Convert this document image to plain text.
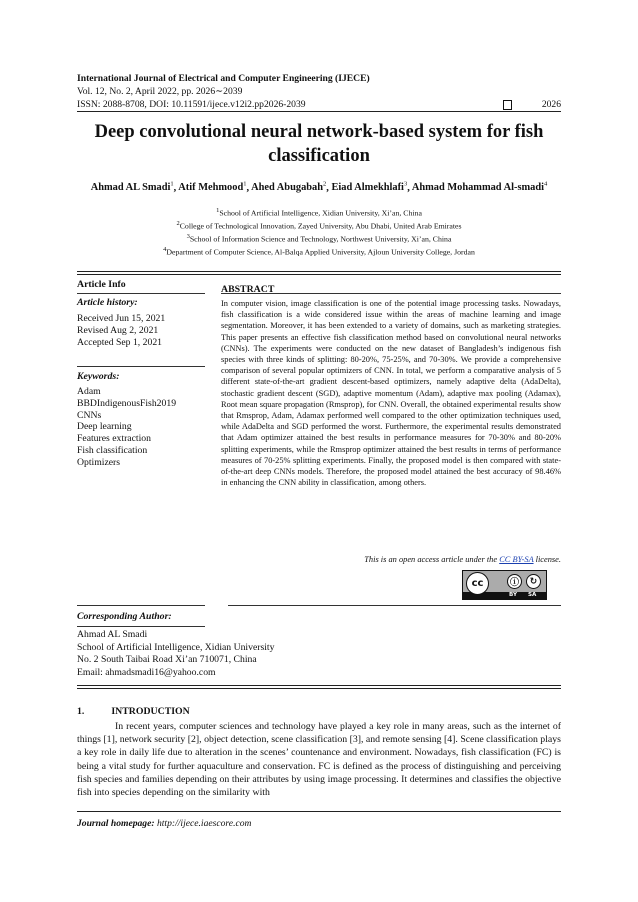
International Journal of Electrical and Computer Engineering (IJECE)
Vol. 12, No. 2, April 2022, pp. 2026∼2039
ISSN: 2088-8708, DOI: 10.11591/ijece.v12i2.pp2026-2039	2026
Deep convolutional neural network-based system for fish classification
Ahmad AL Smadi$^1$, Atif Mehmood$^1$, Ahed Abugabah$^2$, Eiad Almekhlafi$^3$, Ahmad Mohammad Al-smadi$^4$
$^1$School of Artificial Intelligence, Xidian University, Xi’an, China
$^2$College of Technological Innovation, Zayed University, Abu Dhabi, United Arab Emirates
$^3$School of Information Science and Technology, Northwest University, Xi’an, China
$^4$Department of Computer Science, Al-Balqa Applied University, Ajloun University College, Jordan
Article Info
Article history:
Received Jun 15, 2021
Revised Aug 2, 2021
Accepted Sep 1, 2021
Keywords:
Adam
BBDIndigenousFish2019
CNNs
Deep learning
Features extraction
Fish classification
Optimizers
ABSTRACT
In computer vision, image classification is one of the potential image processing tasks. Nowadays, fish classification is a wide considered issue within the areas of machine learning and image segmentation. Moreover, it has been extended to a variety of domains, such as marketing strategies. This paper presents an effective fish classification method based on convolutional neural networks (CNNs). The experiments were conducted on the new dataset of Bangladesh’s indigenous fish species with three kinds of splitting: 80-20%, 75-25%, and 70-30%. We provide a comprehensive comparison of several popular optimizers of CNN. In total, we perform a comparative analysis of 5 different state-of-the-art gradient descent-based optimizers, namely adaptive delta (AdaDelta), stochastic gradient descent (SGD), adaptive momentum (Adam), adaptive max pooling (Adamax), Root mean square propagation (Rmsprop), for CNN. Overall, the obtained experimental results show that Rmsprop, Adam, Adamax performed well compared to the other optimization techniques used, while AdaDelta and SGD performed the worst. Furthermore, the experimental results demonstrated that Adam optimizer attained the best results in performance measures for 70-30% and 80-20% splitting experiments, while the Rmsprop optimizer attained the best results in terms of performance measures of 70-25% splitting experiments. Finally, the proposed model is then compared with state-of-the-art deep CNNs models. Therefore, the proposed model attained the best accuracy of 98.46% in enhancing the CNN ability in classification, among others.
This is an open access article under the CC BY-SA license.
cc	ⓘ	↻
BY SA
Corresponding Author:
Ahmad AL Smadi
School of Artificial Intelligence, Xidian University
No. 2 South Taibai Road Xi’an 710071, China
Email: ahmadsmadi16@yahoo.com
1.	INTRODUCTION
In recent years, computer sciences and technology have played a key role in many areas, such as the internet of things [1], network security [2], object detection, scene classification [3], and remote sensing [4]. Scene classification plays a key role in daily life due to alteration in the scenes’ countenance and environment. Nowadays, fish classification (FC) is being a vital study for further aquaculture and conservation. FC is defined as the process of distinguishing and perceiving fish species and families depending on their attributes by using image processing. It determines and classifies the objective fish into species depending on the similarity with
Journal homepage: http://ijece.iaescore.com
